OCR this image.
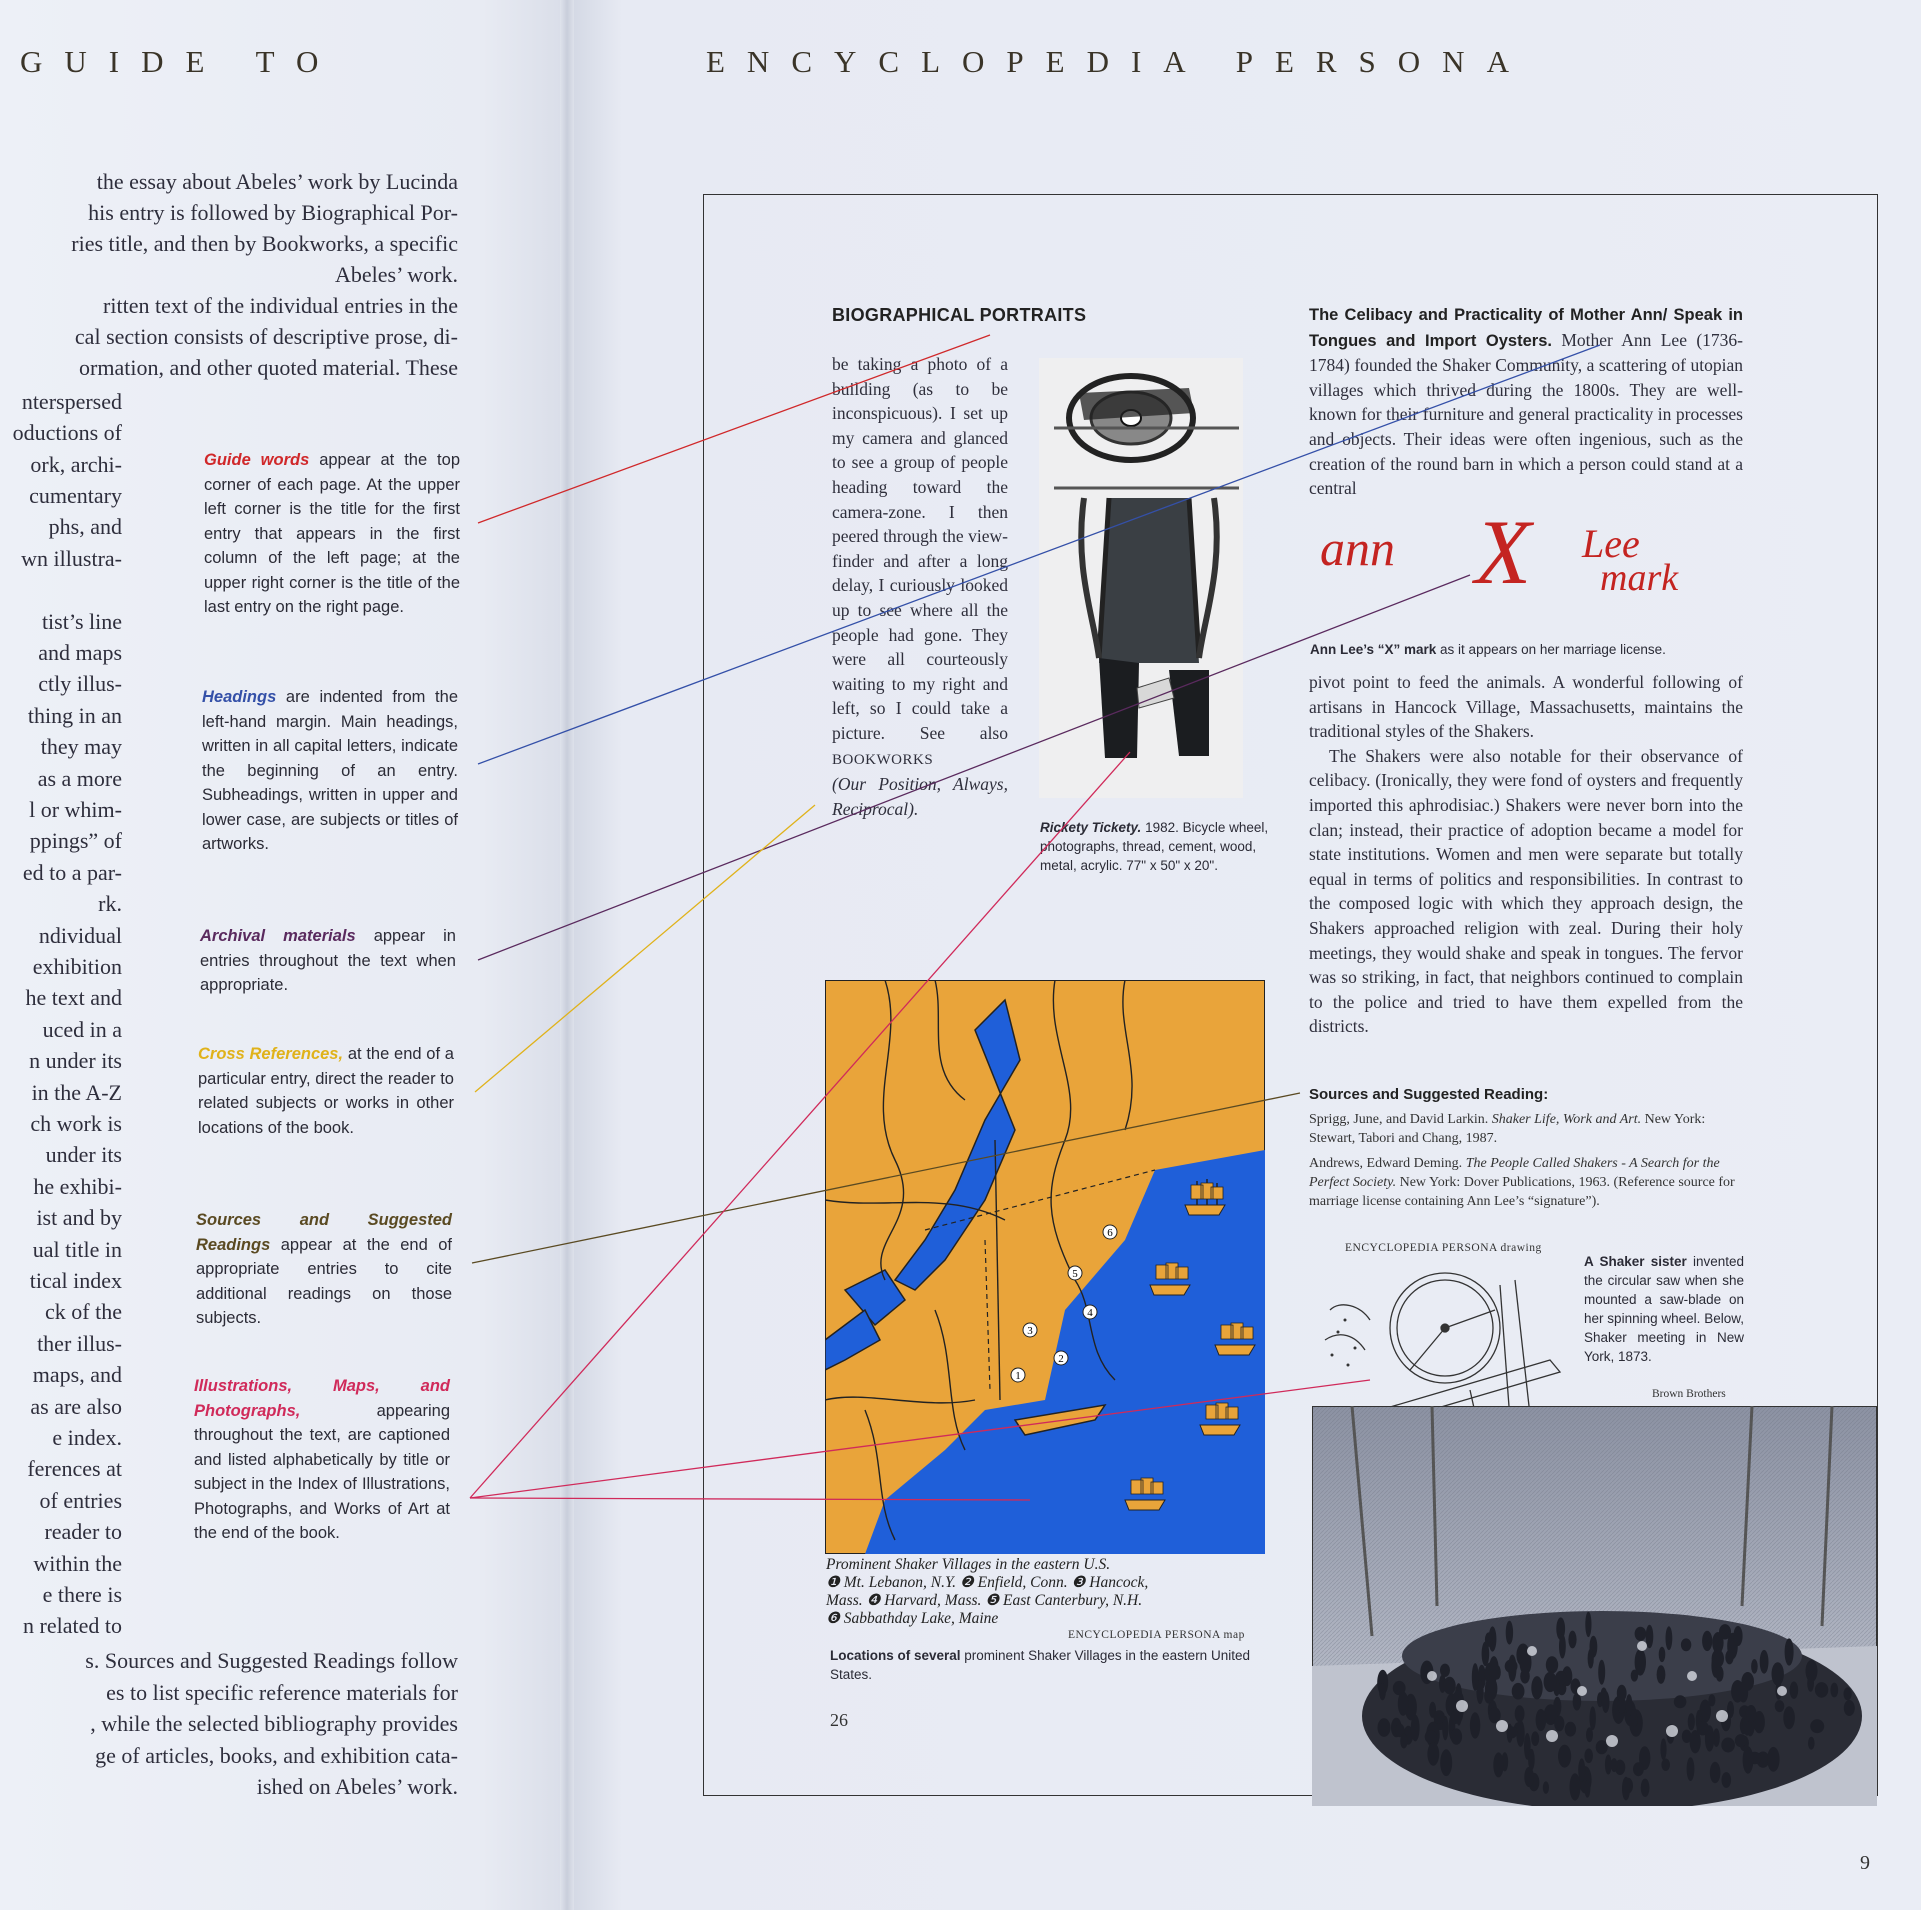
GUIDE TO	ENCYCLOPEDIA PERSONA
the essay about Abeles’ work by Lucinda
his entry is followed by Biographical Por-
ries title, and then by Bookworks, a specific
Abeles’ work.
ritten text of the individual entries in the
cal section consists of descriptive prose, di-
ormation, and other quoted material. These
nterspersed
oductions of
ork, archi-
cumentary
phs, and
wn illustra-
tist’s line
and maps
ctly illus-
thing in an
they may
as a more
l or whim-
ppings” of
ed to a par-
rk.
ndividual
exhibition
he text and
uced in a
n under its
in the A-Z
ch work is
under its
he exhibi-
ist and by
ual title in
tical index
ck of the
ther illus-
maps, and
as are also
e index.
ferences at
of entries
reader to
within the
e there is
n related to
s. Sources and Suggested Readings follow
es to list specific reference materials for
, while the selected bibliography provides
ge of articles, books, and exhibition cata-
ished on Abeles’ work.
Guide words appear at the top corner of each page. At the upper left corner is the title for the first entry that appears in the first column of the left page; at the upper right corner is the title of the last entry on the right page.
Headings are indented from the left-hand margin. Main headings, written in all capital letters, indicate the beginning of an entry. Subheadings, written in upper and lower case, are subjects or titles of artworks.
Archival materials appear in entries throughout the text when appropriate.
Cross References, at the end of a particular entry, direct the reader to related subjects or works in other locations of the book.
Sources and Suggested Readings appear at the end of appropriate entries to cite additional readings on those subjects.
Illustrations, Maps, and Photographs, appearing throughout the text, are captioned and listed alphabetically by title or subject in the Index of Illustrations, Photographs, and Works of Art at the end of the book.
BIOGRAPHICAL PORTRAITS
be taking a photo of a building (as to be inconspicuous). I set up my camera and glanced to see a group of people heading toward the camera-zone. I then peered through the view-finder and after a long delay, I curiously looked up to see where all the people had gone. They were all courteously waiting to my right and left, so I could take a picture. See also BOOKWORKS
(Our Position, Always, Reciprocal).
Rickety Tickety. 1982. Bicycle wheel, photographs, thread, cement, wood, metal, acrylic. 77" x 50" x 20".

The Celibacy and Practicality of Mother Ann/ Speak in Tongues and Import Oysters. Mother Ann Lee (1736-1784) founded the Shaker Community, a scattering of utopian villages which thrived during the 1800s. They are well-known for their furniture and general practicality in processes and objects. Their ideas were often ingenious, such as the creation of the round barn in which a person could stand at a central

ann X Lee
mark
Ann Lee’s “X” mark as it appears on her marriage license.

pivot point to feed the animals. A wonderful following of artisans in Hancock Village, Massachusetts, maintains the traditional styles of the Shakers.

The Shakers were also notable for their observance of celibacy. (Ironically, they were fond of oysters and frequently imported this aphrodisiac.) Shakers were never born into the clan; instead, their practice of adoption became a model for state institutions. Women and men were separate but totally equal in terms of politics and responsibilities. In contrast to the composed logic with which they approach design, the Shakers approached religion with zeal. During their holy meetings, they would shake and speak in tongues. The fervor was so striking, in fact, that neighbors continued to complain to the police and tried to have them expelled from the districts.

Sources and Suggested Reading:

Sprigg, June, and David Larkin. Shaker Life, Work and Art. New York: Stewart, Tabori and Chang, 1987.

Andrews, Edward Deming. The People Called Shakers - A Search for the Perfect Society. New York: Dover Publications, 1963. (Reference source for marriage license containing Ann Lee’s “signature”).

1
2
3
4
5
6
Prominent Shaker Villages in the eastern U.S.
❶ Mt. Lebanon, N.Y. ❷ Enfield, Conn. ❸ Hancock,
Mass. ❹ Harvard, Mass. ❺ East Canterbury, N.H.
❻ Sabbathday Lake, Maine
ENCYCLOPEDIA PERSONA map
Locations of several prominent Shaker Villages in the eastern United States.
26
ENCYCLOPEDIA PERSONA drawing
A Shaker sister invented the circular saw when she mounted a saw-blade on her spinning wheel. Below, Shaker meeting in New York, 1873.
Brown Brothers
9
